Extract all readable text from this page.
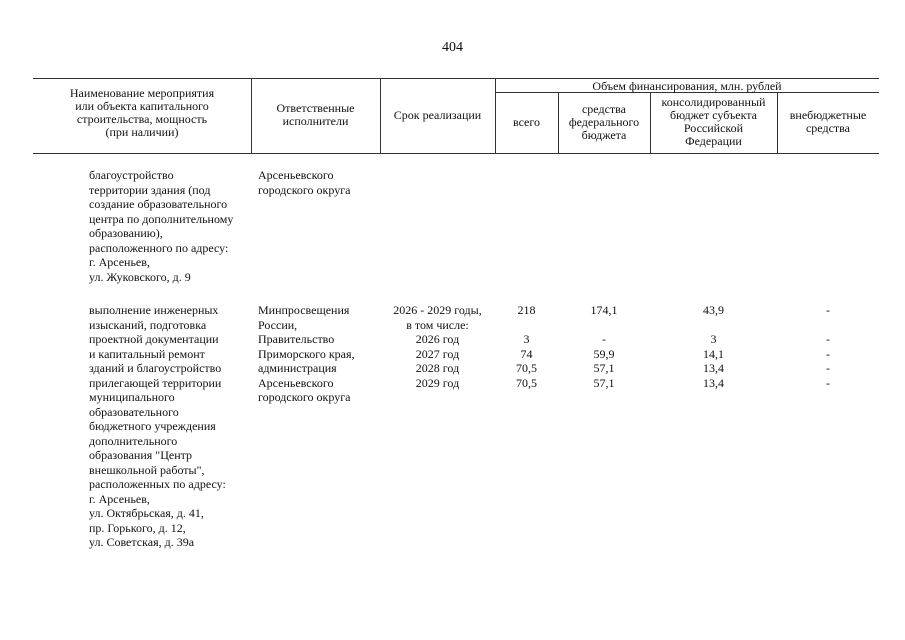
404
Наименование мероприятия
или объекта капитального
строительства, мощность
(при наличии)
Ответственные
исполнители	Срок реализации
Объем финансирования, млн. рублей
всего
средства
федерального
бюджета
консолидированный
бюджет субъекта
Российской
Федерации
внебюджетные
средства
благоустройство
территории здания (под
создание образовательного
центра по дополнительному
образованию),
расположенного по адресу:
г. Арсеньев,
ул. Жуковского, д. 9
Арсеньевского
городского округа
выполнение инженерных
изысканий, подготовка
проектной документации
и капитальный ремонт
зданий и благоустройство
прилегающей территории
муниципального
образовательного
бюджетного учреждения
дополнительного
образования "Центр
внешкольной работы",
расположенных по адресу:
г. Арсеньев,
ул. Октябрьская, д. 41,
пр. Горького, д. 12,
ул. Советская, д. 39а
Минпросвещения
России,
Правительство
Приморского края,
администрация
Арсеньевского
городского округа
2026 - 2029 годы,
в том числе:
2026 год
2027 год
2028 год
2029 год
218

3
74
70,5
70,5
174,1

-
59,9
57,1
57,1
43,9

3
14,1
13,4
13,4
-

-
-
-
-
